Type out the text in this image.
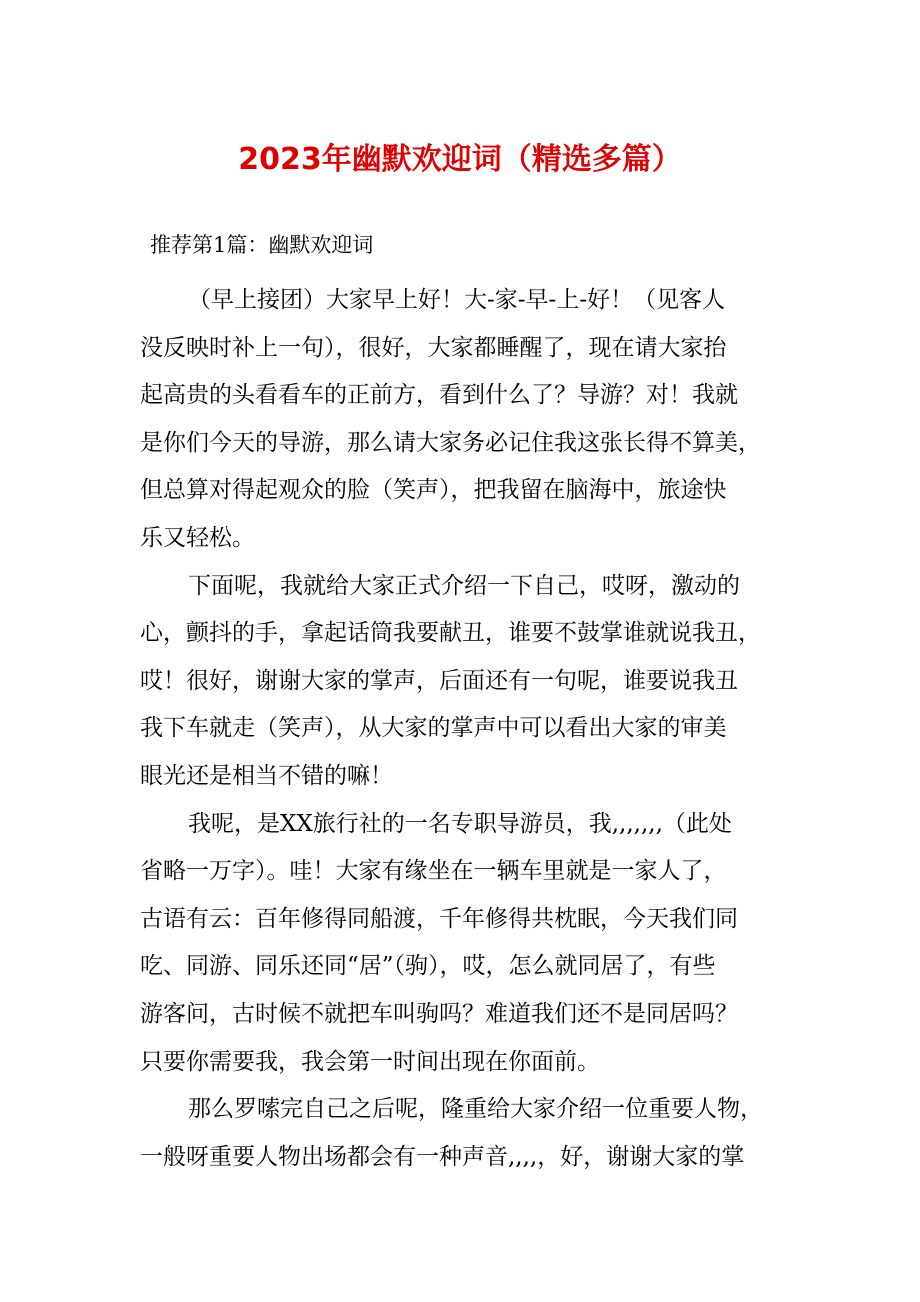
2023年幽默欢迎词（精选多篇）
推荐第1篇：幽默欢迎词
（早上接团）大家早上好！大-家-早-上-好！（见客人
没反映时补上一句），很好，大家都睡醒了，现在请大家抬
起高贵的头看看车的正前方，看到什么了？导游？对！我就
是你们今天的导游，那么请大家务必记住我这张长得不算美，
但总算对得起观众的脸（笑声），把我留在脑海中，旅途快
乐又轻松。
下面呢，我就给大家正式介绍一下自己，哎呀，激动的
心，颤抖的手，拿起话筒我要献丑，谁要不鼓掌谁就说我丑，
哎！很好，谢谢大家的掌声，后面还有一句呢，谁要说我丑
我下车就走（笑声），从大家的掌声中可以看出大家的审美
眼光还是相当不错的嘛！
我呢，是XX旅行社的一名专职导游员，我,,,,,,,（此处
省略一万字）。哇！大家有缘坐在一辆车里就是一家人了，
古语有云：百年修得同船渡，千年修得共枕眠，今天我们同
吃、同游、同乐还同“居”（驹），哎，怎么就同居了，有些
游客问，古时候不就把车叫驹吗？难道我们还不是同居吗？
只要你需要我，我会第一时间出现在你面前。
那么罗嗦完自己之后呢，隆重给大家介绍一位重要人物，
一般呀重要人物出场都会有一种声音,,,,，好，谢谢大家的掌
